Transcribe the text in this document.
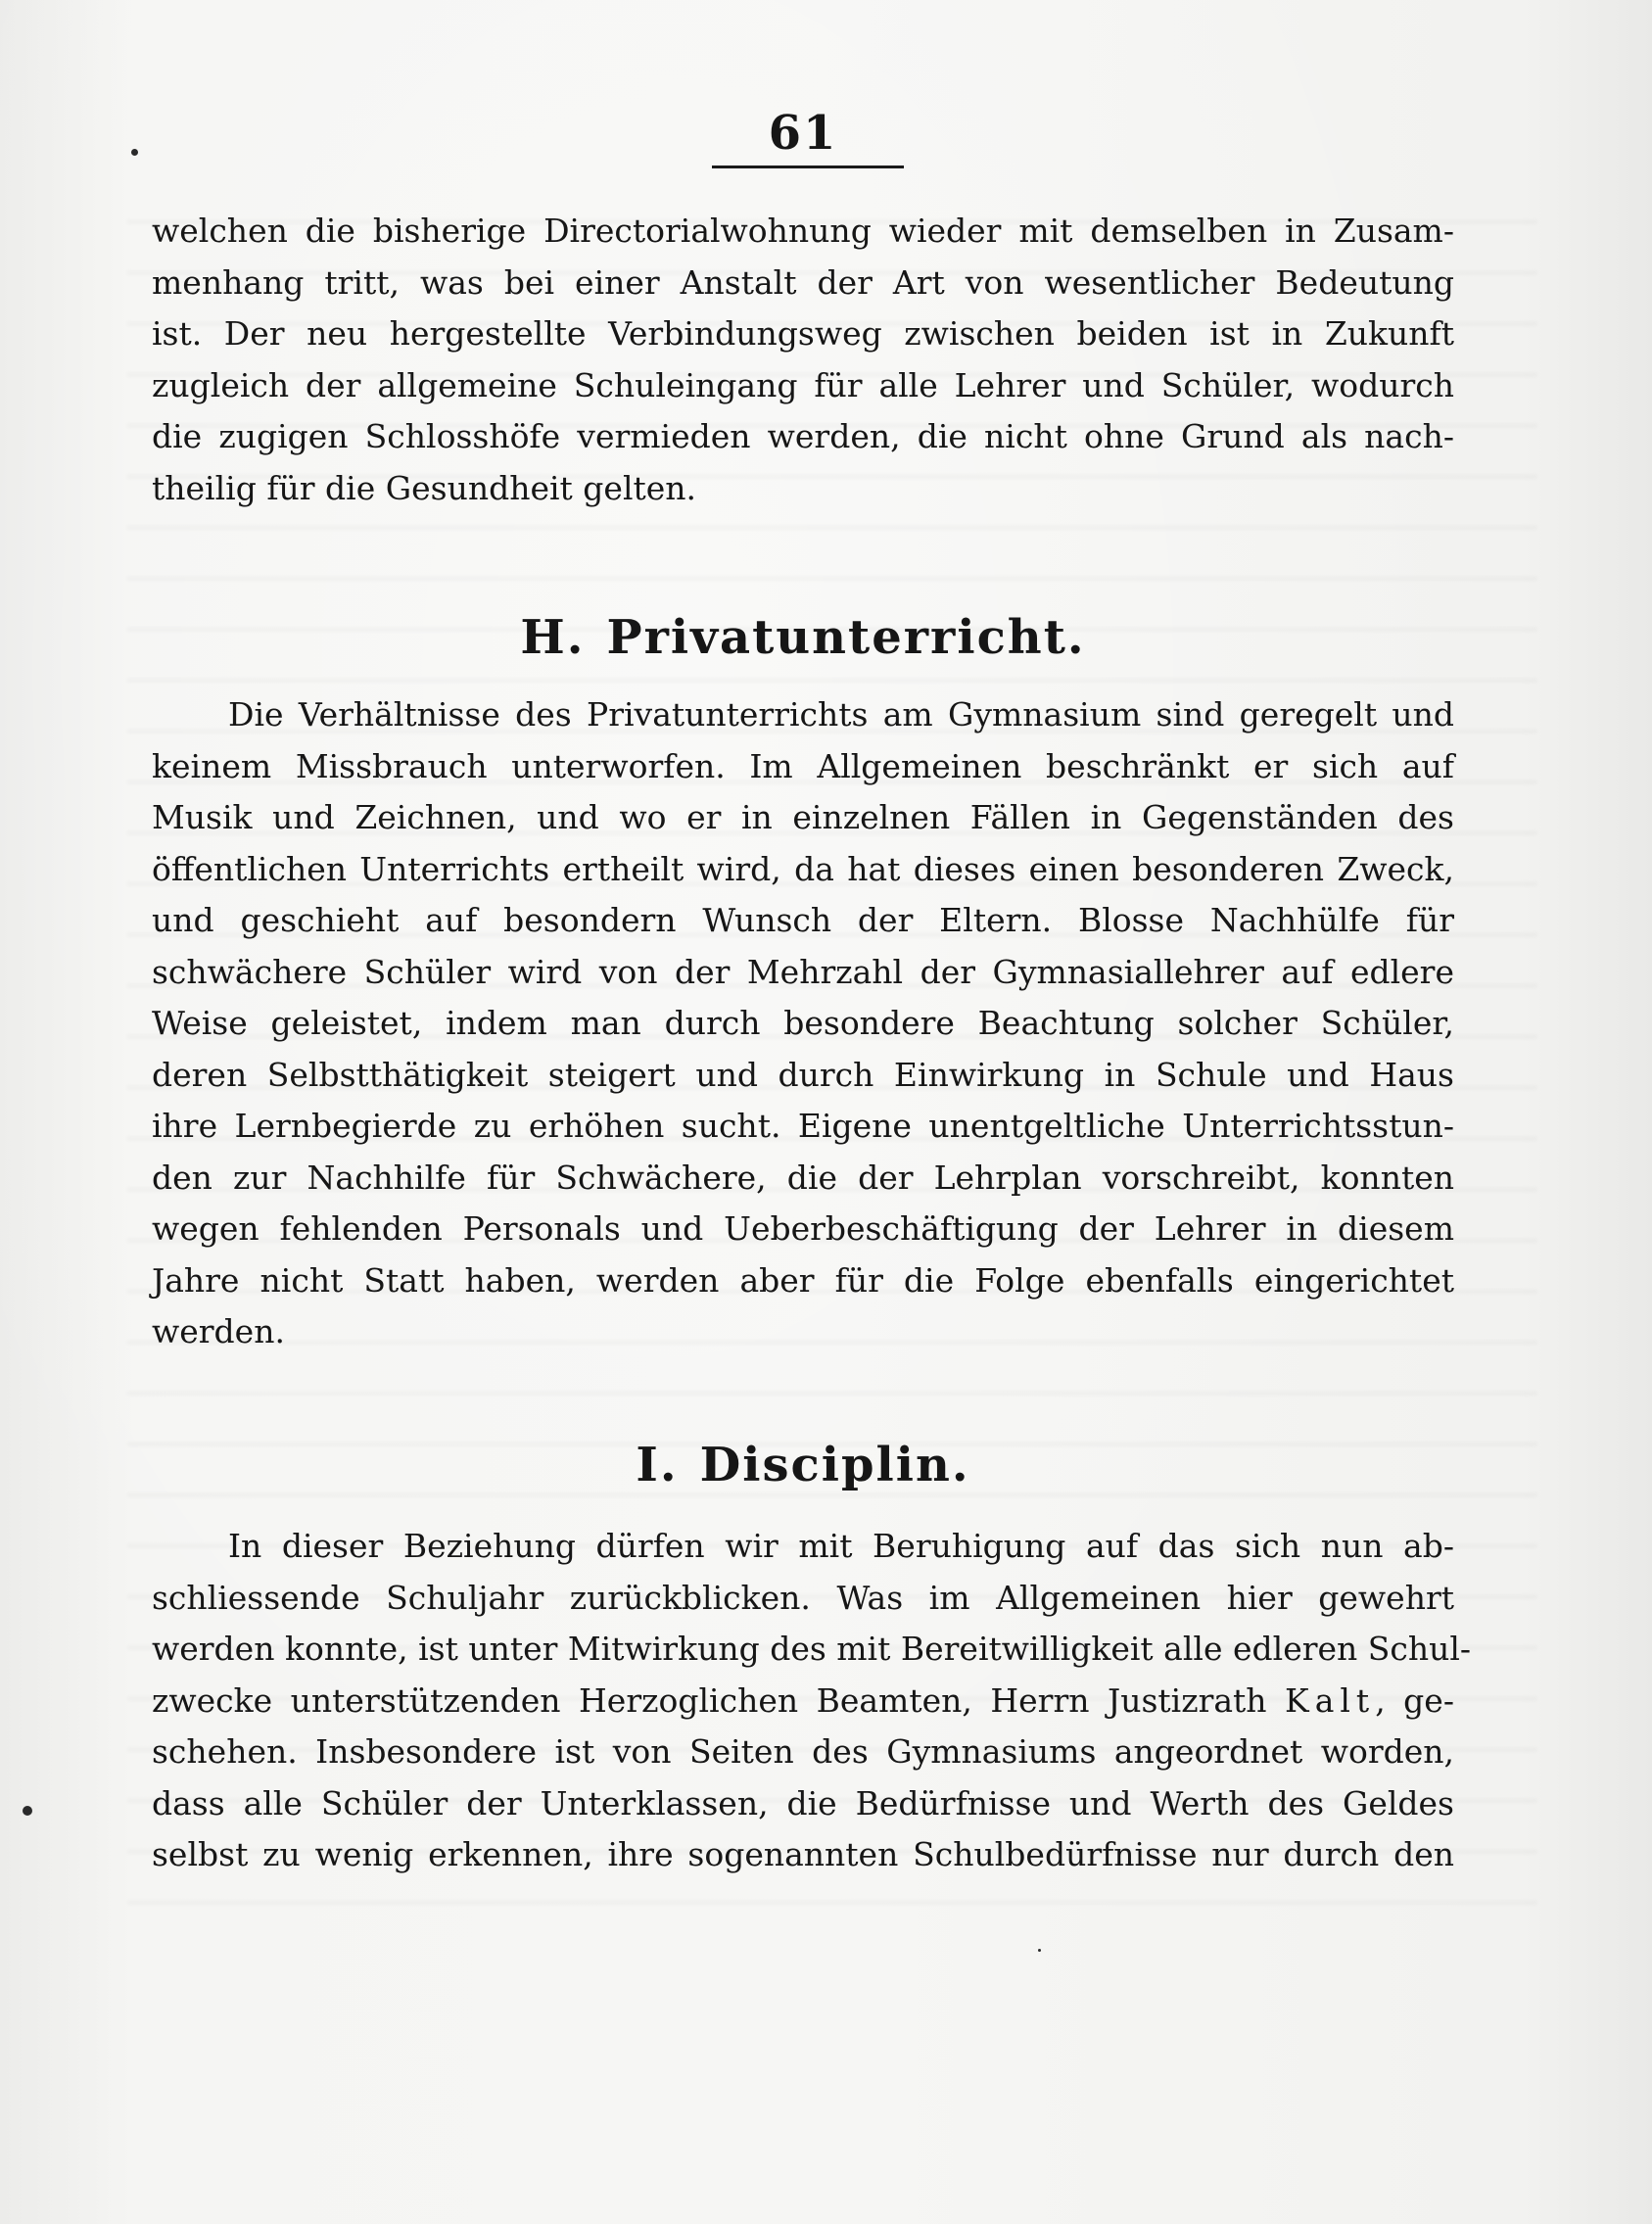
61
welchen die bisherige Directorialwohnung wieder mit demselben in Zusam-
menhang tritt, was bei einer Anstalt der Art von wesentlicher Bedeutung
ist. Der neu hergestellte Verbindungsweg zwischen beiden ist in Zukunft
zugleich der allgemeine Schuleingang für alle Lehrer und Schüler, wodurch
die zugigen Schlosshöfe vermieden werden, die nicht ohne Grund als nach-
theilig für die Gesundheit gelten.
H. Privatunterricht.
Die Verhältnisse des Privatunterrichts am Gymnasium sind geregelt und
keinem Missbrauch unterworfen. Im Allgemeinen beschränkt er sich auf
Musik und Zeichnen, und wo er in einzelnen Fällen in Gegenständen des
öffentlichen Unterrichts ertheilt wird, da hat dieses einen besonderen Zweck,
und geschieht auf besondern Wunsch der Eltern. Blosse Nachhülfe für
schwächere Schüler wird von der Mehrzahl der Gymnasiallehrer auf edlere
Weise geleistet, indem man durch besondere Beachtung solcher Schüler,
deren Selbstthätigkeit steigert und durch Einwirkung in Schule und Haus
ihre Lernbegierde zu erhöhen sucht. Eigene unentgeltliche Unterrichtsstun-
den zur Nachhilfe für Schwächere, die der Lehrplan vorschreibt, konnten
wegen fehlenden Personals und Ueberbeschäftigung der Lehrer in diesem
Jahre nicht Statt haben, werden aber für die Folge ebenfalls eingerichtet
werden.
I. Disciplin.
In dieser Beziehung dürfen wir mit Beruhigung auf das sich nun ab-
schliessende Schuljahr zurückblicken. Was im Allgemeinen hier gewehrt
werden konnte, ist unter Mitwirkung des mit Bereitwilligkeit alle edleren Schul-
zwecke unterstützenden Herzoglichen Beamten, Herrn Justizrath Kalt, ge-
schehen. Insbesondere ist von Seiten des Gymnasiums angeordnet worden,
dass alle Schüler der Unterklassen, die Bedürfnisse und Werth des Geldes
selbst zu wenig erkennen, ihre sogenannten Schulbedürfnisse nur durch den
